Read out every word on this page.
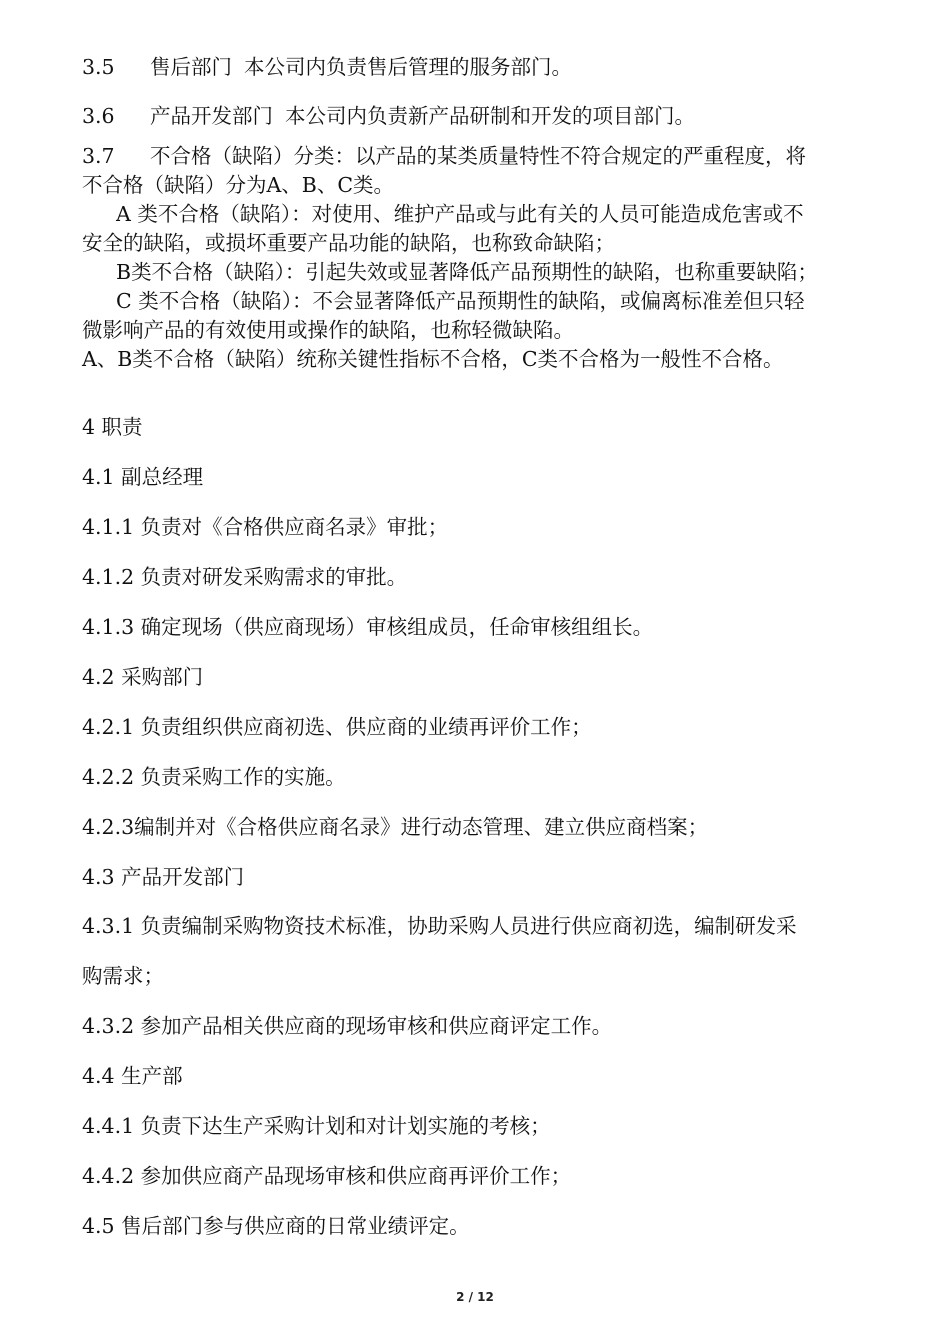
3.5 售后部门 本公司内负责售后管理的服务部门。
3.6 产品开发部门 本公司内负责新产品研制和开发的项目部门。
3.7 不合格（缺陷）分类：以产品的某类质量特性不符合规定的严重程度，将
不合格（缺陷）分为A、B、C类。
A 类不合格（缺陷）：对使用、维护产品或与此有关的人员可能造成危害或不
安全的缺陷，或损坏重要产品功能的缺陷，也称致命缺陷；
B类不合格（缺陷）：引起失效或显著降低产品预期性的缺陷，也称重要缺陷；
C 类不合格（缺陷）：不会显著降低产品预期性的缺陷，或偏离标准差但只轻
微影响产品的有效使用或操作的缺陷，也称轻微缺陷。
A、B类不合格（缺陷）统称关键性指标不合格，C类不合格为一般性不合格。
4 职责
4.1 副总经理
4.1.1 负责对《合格供应商名录》审批；
4.1.2 负责对研发采购需求的审批。
4.1.3 确定现场（供应商现场）审核组成员，任命审核组组长。
4.2 采购部门
4.2.1 负责组织供应商初选、供应商的业绩再评价工作；
4.2.2 负责采购工作的实施。
4.2.3编制并对《合格供应商名录》进行动态管理、建立供应商档案；
4.3 产品开发部门
4.3.1 负责编制采购物资技术标准，协助采购人员进行供应商初选，编制研发采
购需求；
4.3.2 参加产品相关供应商的现场审核和供应商评定工作。
4.4 生产部
4.4.1 负责下达生产采购计划和对计划实施的考核；
4.4.2 参加供应商产品现场审核和供应商再评价工作；
4.5 售后部门参与供应商的日常业绩评定。
2 / 12
